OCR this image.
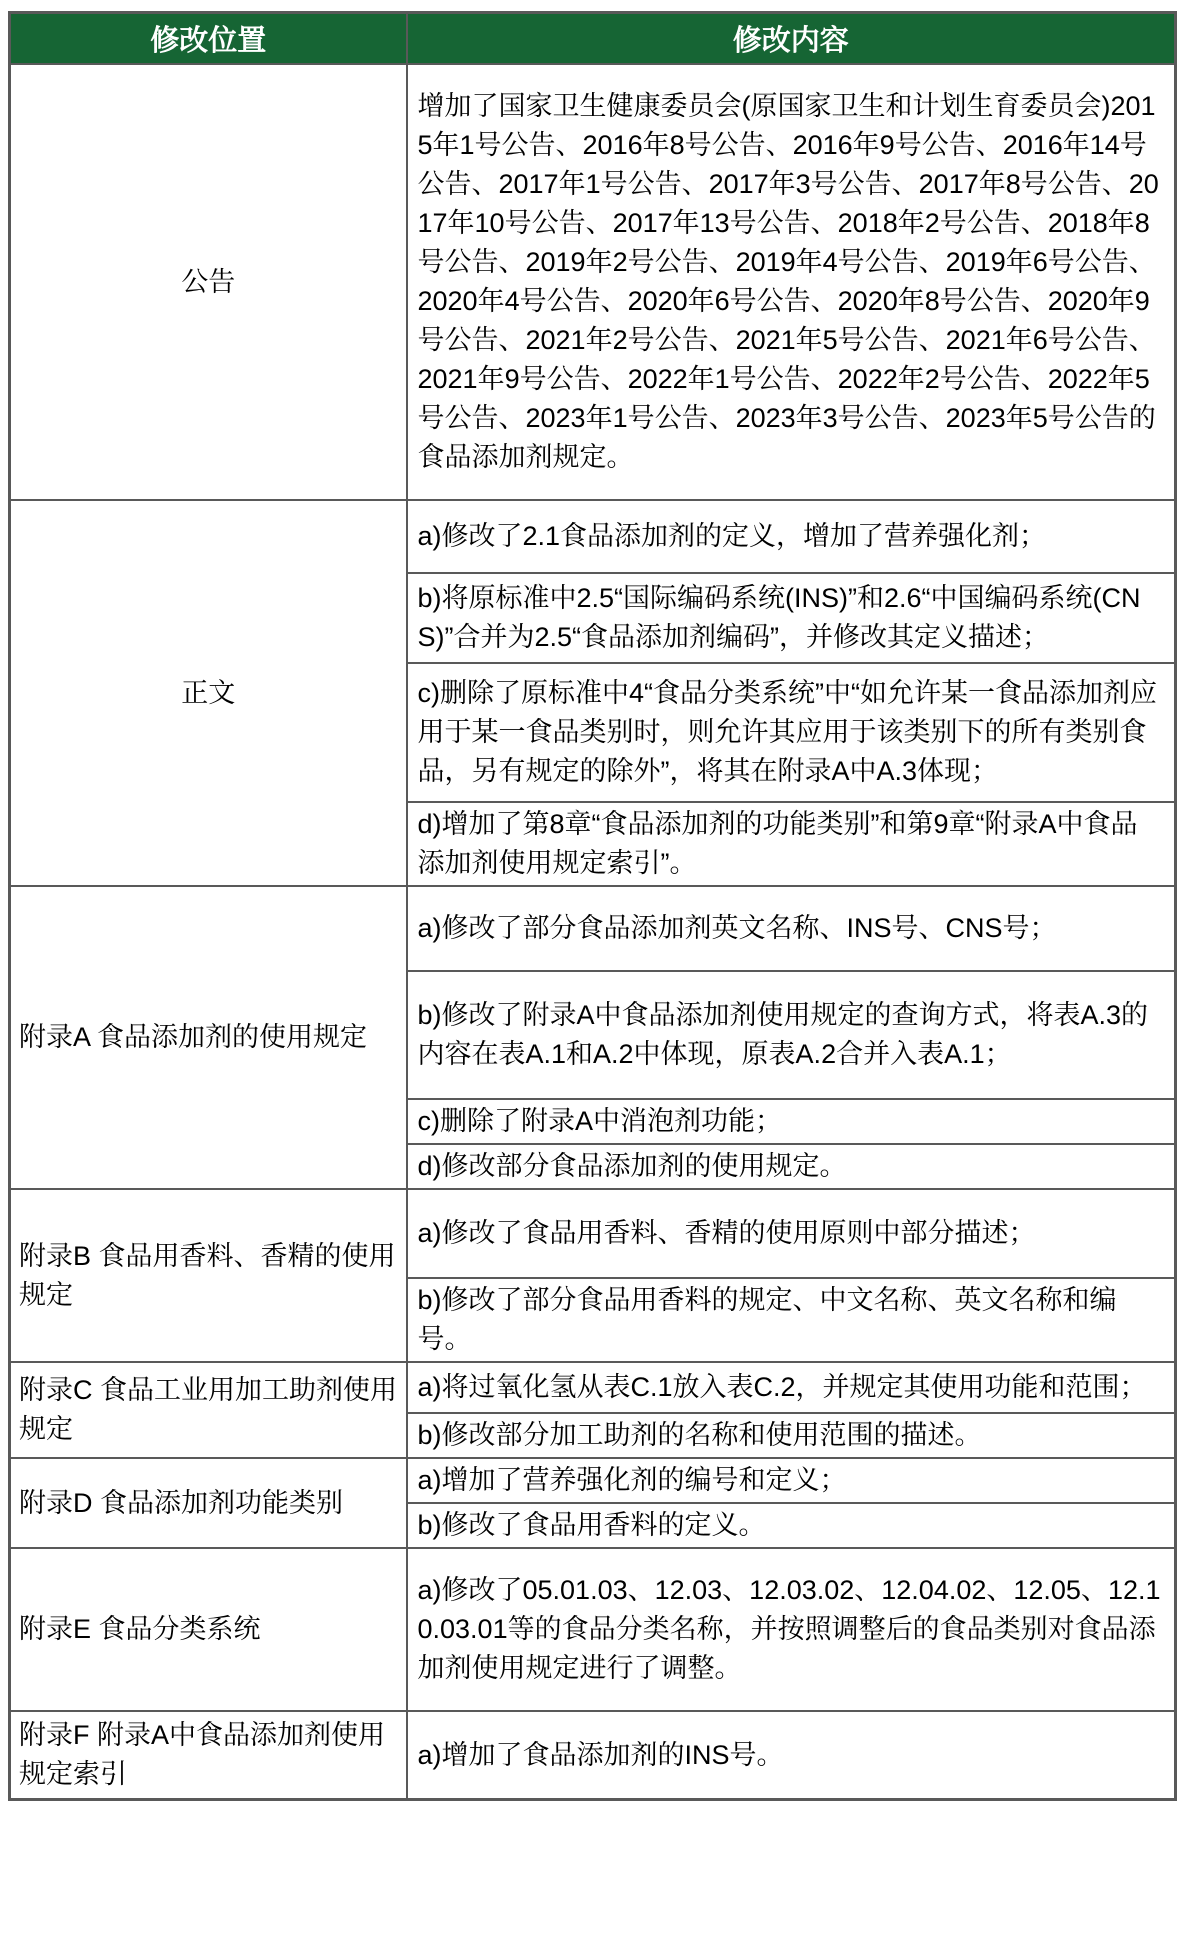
修改位置	修改内容
公告	增加了国家卫生健康委员会(原国家卫生和计划生育委员会)2015年1号公告、2016年8号公告、2016年9号公告、2016年14号公告、2017年1号公告、2017年3号公告、2017年8号公告、2017年10号公告、2017年13号公告、2018年2号公告、2018年8号公告、2019年2号公告、2019年4号公告、2019年6号公告、2020年4号公告、2020年6号公告、2020年8号公告、2020年9号公告、2021年2号公告、2021年5号公告、2021年6号公告、2021年9号公告、2022年1号公告、2022年2号公告、2022年5号公告、2023年1号公告、2023年3号公告、2023年5号公告的食品添加剂规定。
正文	a)修改了2.1食品添加剂的定义，增加了营养强化剂；
	b)将原标准中2.5“国际编码系统(INS)”和2.6“中国编码系统(CNS)”合并为2.5“食品添加剂编码”，并修改其定义描述；
	c)删除了原标准中4“食品分类系统”中“如允许某一食品添加剂应用于某一食品类别时，则允许其应用于该类别下的所有类别食品，另有规定的除外”，将其在附录A中A.3体现；
	d)增加了第8章“食品添加剂的功能类别”和第9章“附录A中食品添加剂使用规定索引”。
附录A 食品添加剂的使用规定	a)修改了部分食品添加剂英文名称、INS号、CNS号；
	b)修改了附录A中食品添加剂使用规定的查询方式，将表A.3的内容在表A.1和A.2中体现，原表A.2合并入表A.1；
	c)删除了附录A中消泡剂功能；
	d)修改部分食品添加剂的使用规定。
附录B 食品用香料、香精的使用规定	a)修改了食品用香料、香精的使用原则中部分描述；
	b)修改了部分食品用香料的规定、中文名称、英文名称和编号。
附录C 食品工业用加工助剂使用规定	a)将过氧化氢从表C.1放入表C.2，并规定其使用功能和范围；
	b)修改部分加工助剂的名称和使用范围的描述。
附录D 食品添加剂功能类别	a)增加了营养强化剂的编号和定义；
	b)修改了食品用香料的定义。
附录E 食品分类系统	a)修改了05.01.03、12.03、12.03.02、12.04.02、12.05、12.10.03.01等的食品分类名称，并按照调整后的食品类别对食品添加剂使用规定进行了调整。
附录F 附录A中食品添加剂使用规定索引	a)增加了食品添加剂的INS号。
